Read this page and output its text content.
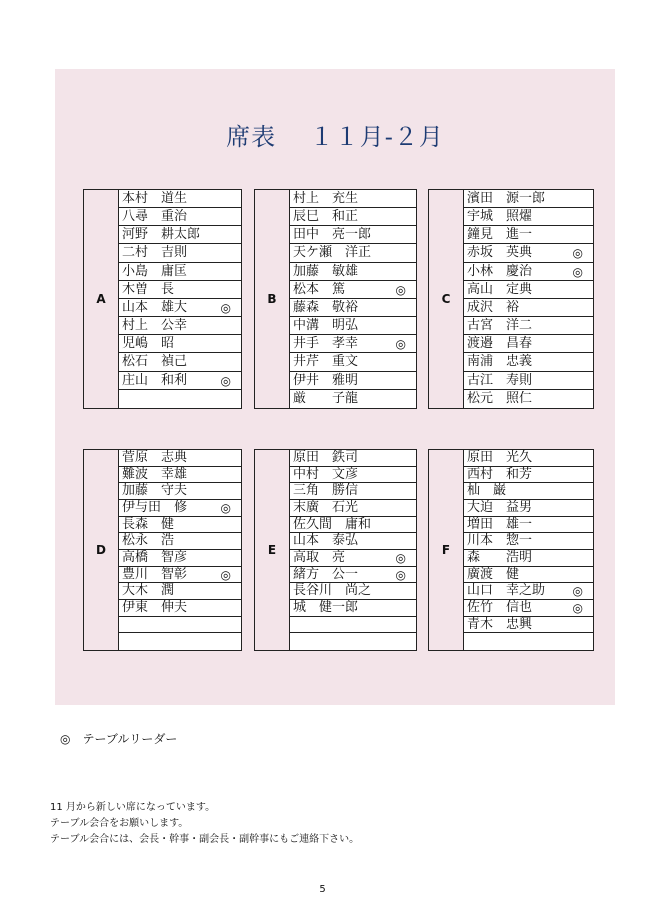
席表　 １１月-２月
A
本村　道生
八尋　重治
河野　耕太郎
二村　吉則
小島　庸匡
木曽　長
山本　雄大	◎
村上　公幸
児嶋　昭
松石　禎己
庄山　和利	◎
B
村上　充生
辰巳　和正
田中　亮一郎
天ケ瀬　洋正
加藤　敏雄
松本　篤	◎
藤森　敬裕
中溝　明弘
井手　孝幸	◎
井芹　重文
伊井　雅明
厳　　子龍
C
濱田　源一郎
宇城　照燿
鐘見　進一
赤坂　英典	◎
小林　慶治	◎
高山　定典
成沢　裕
古宮　洋二
渡邉　昌春
南浦　忠義
古江　寿則
松元　照仁
D
菅原　志典
難波　幸雄
加藤　守夫
伊与田　修	◎
長森　健
松永　浩
高橋　智彦
豊川　智彰	◎
大木　潤
伊東　伸夫
E
原田　鉄司
中村　文彦
三角　勝信
末廣　石光
佐久間　庸和
山本　泰弘
高取　亮	◎
緒方　公一	◎
長谷川　尚之
城　健一郎
F
原田　光久
西村　和芳
杣　巌
大迫　益男
増田　雄一
川本　惣一
森　　浩明
廣渡　健
山口　幸之助 ◎
佐竹　信也	◎
青木　忠興
◎　テーブルリーダー
11 月から新しい席になっています。
テーブル会合をお願いします。
テーブル会合には、会長・幹事・副会長・副幹事にもご連絡下さい。
5
